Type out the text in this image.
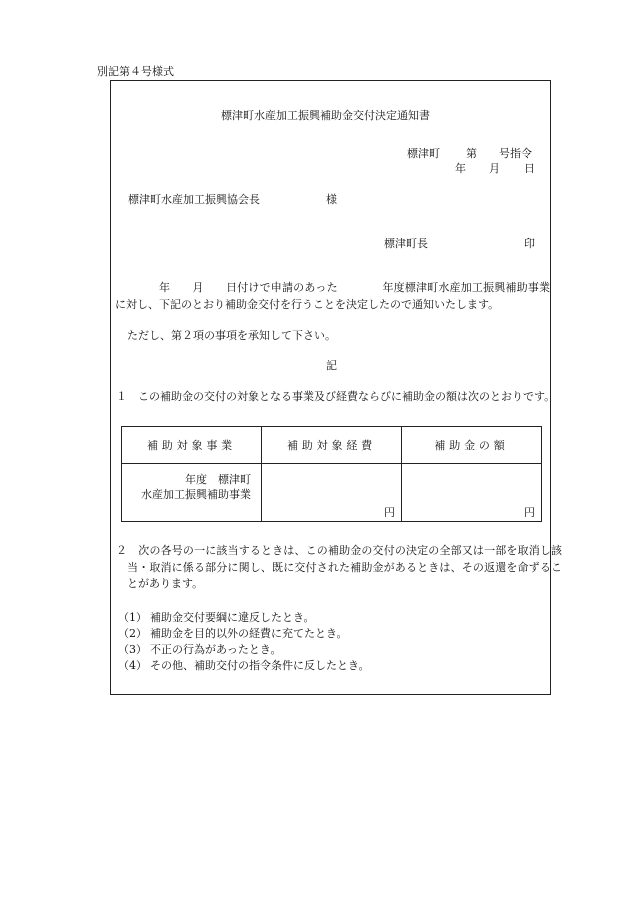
別記第４号様式
標津町水産加工振興補助金交付決定通知書
標津町 第 号指令
年 月 日
標津町水産加工振興協会長	様
標津町長	印
年　　月　　日付けで申請のあった　　　　年度標津町水産加工振興補助事業に対し、下記のとおり補助金交付を行うことを決定したので通知いたします。
ただし、第２項の事項を承知して下さい。
記
１　この補助金の交付の対象となる事業及び経費ならびに補助金の額は次のとおりです。
補助対象事業	補助対象経費	補助金の額

年度　標津町
水産加工振興補助事業	円	円
２　次の各号の一に該当するときは、この補助金の交付の決定の全部又は一部を取消し該当・取消に係る部分に関し、既に交付された補助金があるときは、その返還を命ずることがあります。
（1） 補助金交付要綱に違反したとき。
（2） 補助金を目的以外の経費に充てたとき。
（3） 不正の行為があったとき。
（4） その他、補助交付の指令条件に反したとき。
